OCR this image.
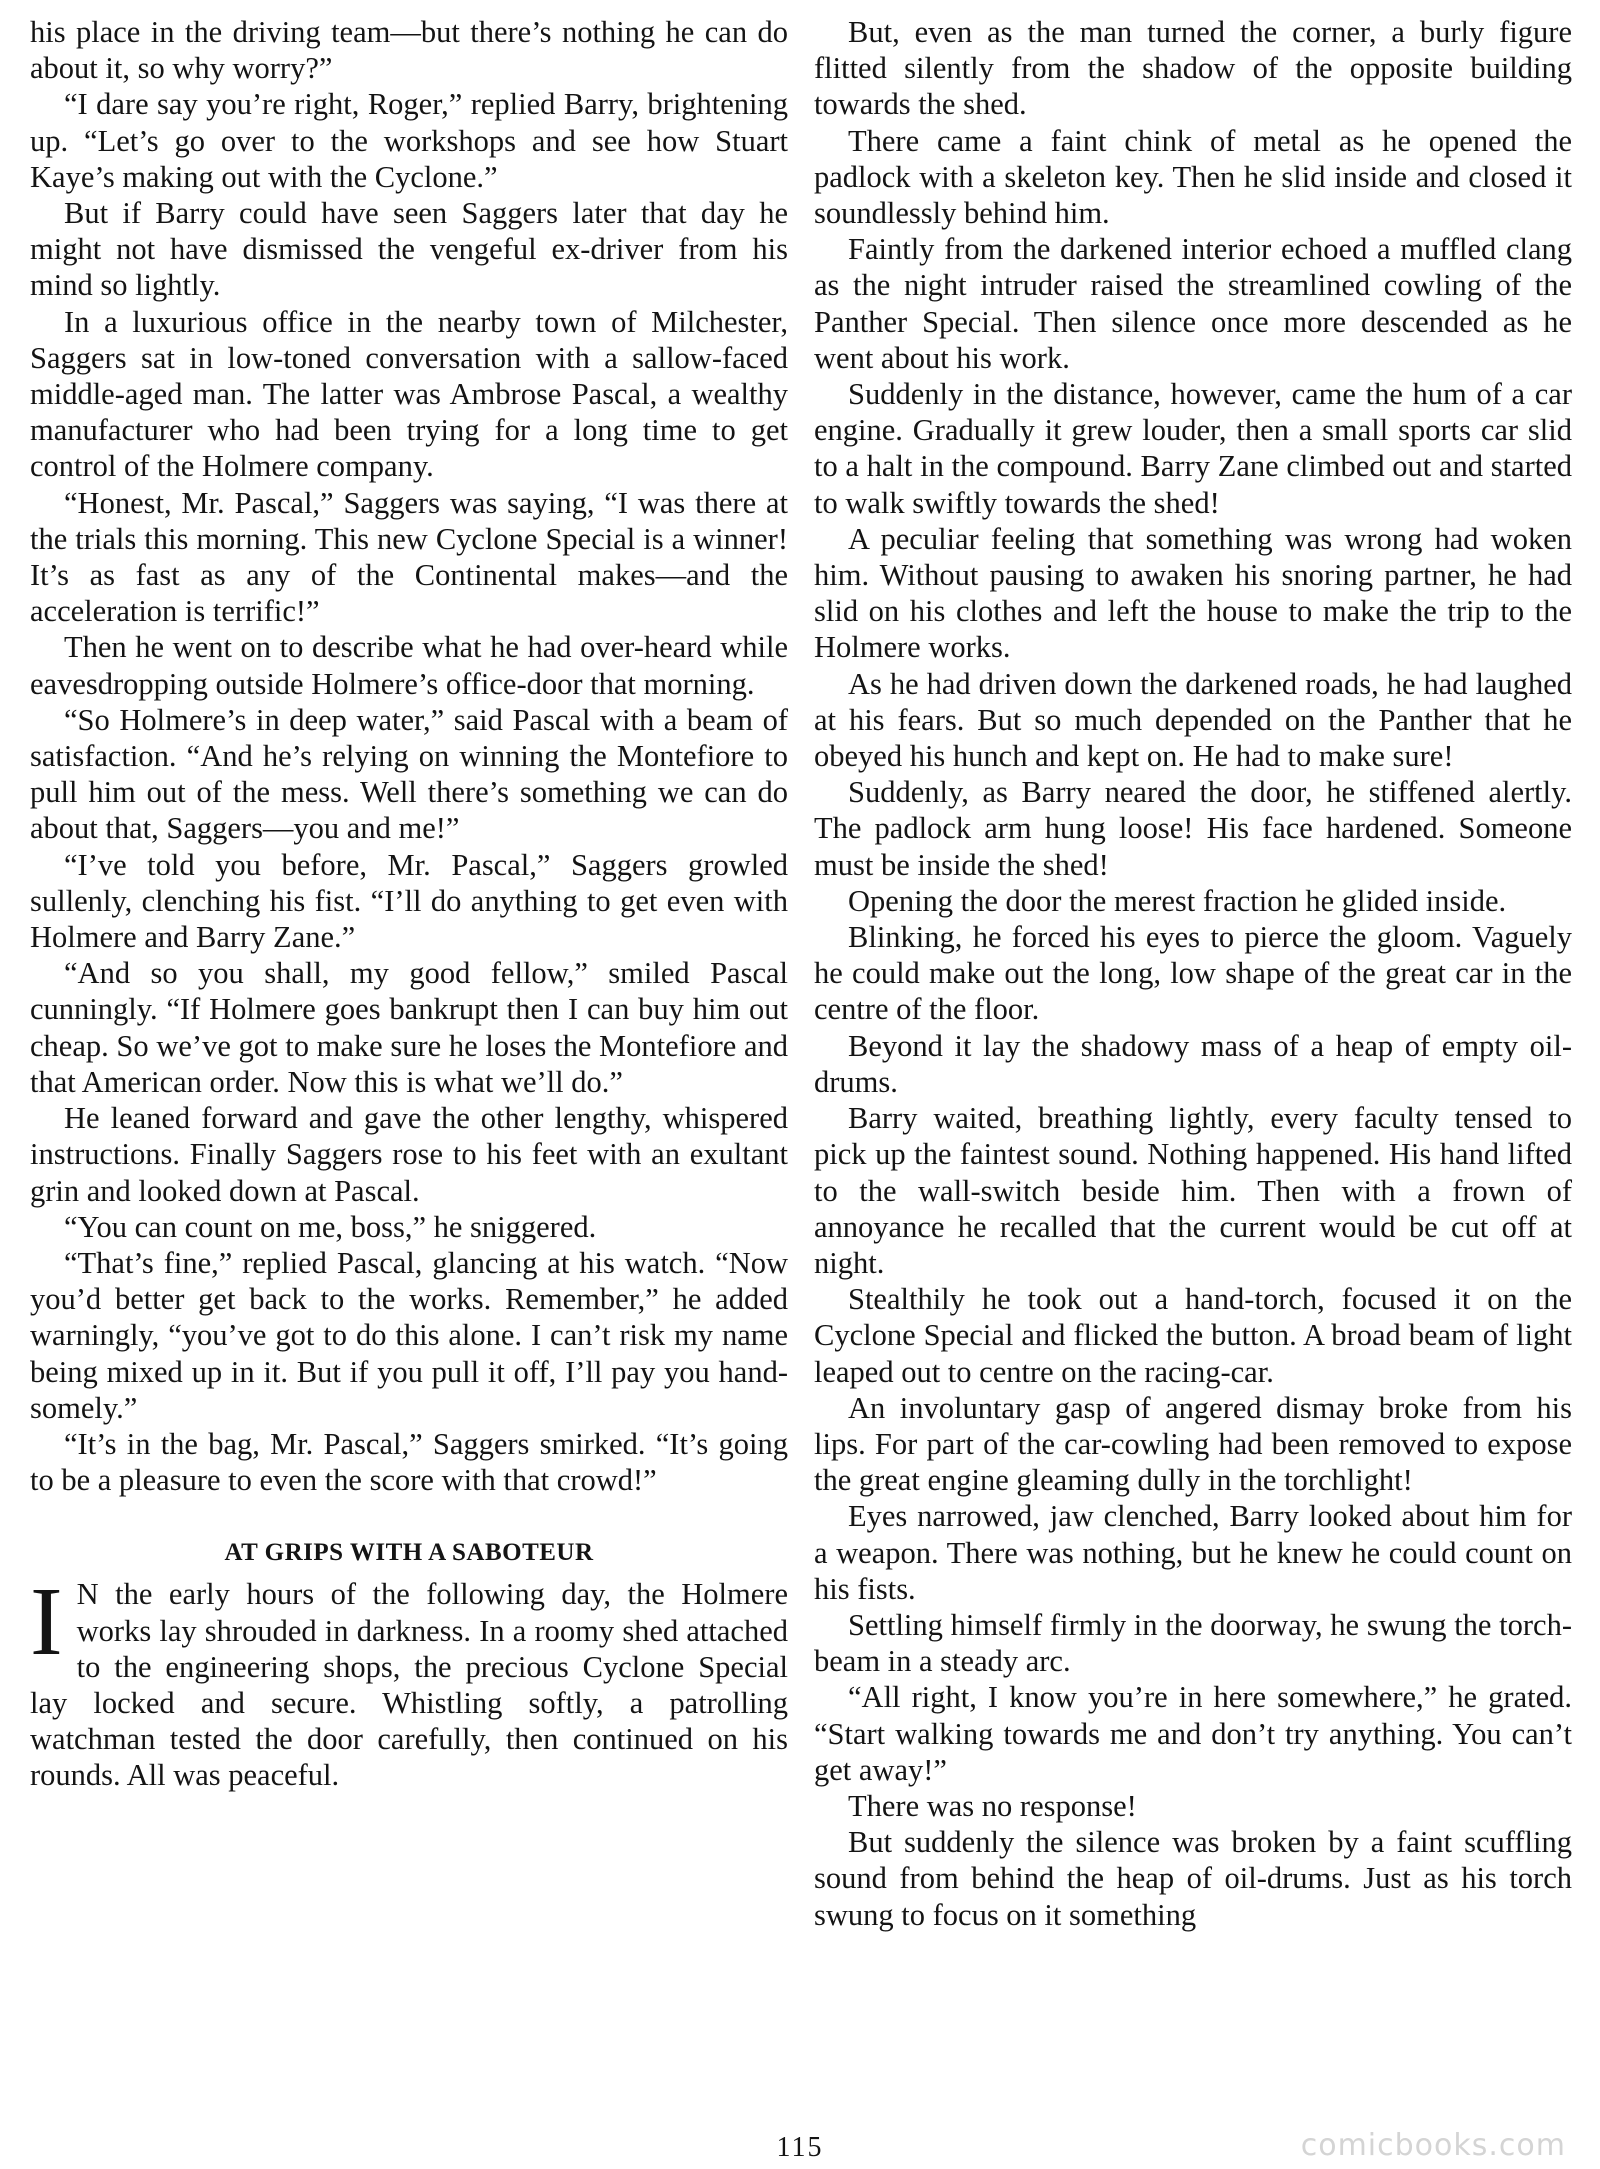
his place in the driving team—but there’s nothing he can do about it, so why worry?”

“I dare say you’re right, Roger,” replied Barry, brightening up. “Let’s go over to the workshops and see how Stuart Kaye’s making out with the Cyclone.”

But if Barry could have seen Saggers later that day he might not have dismissed the vengeful ex-driver from his mind so lightly.

In a luxurious office in the nearby town of Milchester, Saggers sat in low-toned conversation with a sallow-faced middle-aged man. The latter was Ambrose Pascal, a wealthy manufacturer who had been trying for a long time to get control of the Holmere company.

“Honest, Mr. Pascal,” Saggers was saying, “I was there at the trials this morning. This new Cyclone Special is a winner! It’s as fast as any of the Continental makes—and the acceleration is terrific!”

Then he went on to describe what he had over-heard while eavesdropping outside Holmere’s office-door that morning.

“So Holmere’s in deep water,” said Pascal with a beam of satisfaction. “And he’s relying on winning the Montefiore to pull him out of the mess. Well there’s something we can do about that, Saggers—you and me!”

“I’ve told you before, Mr. Pascal,” Saggers growled sullenly, clenching his fist. “I’ll do anything to get even with Holmere and Barry Zane.”

“And so you shall, my good fellow,” smiled Pascal cunningly. “If Holmere goes bankrupt then I can buy him out cheap. So we’ve got to make sure he loses the Montefiore and that American order. Now this is what we’ll do.”

He leaned forward and gave the other lengthy, whispered instructions. Finally Saggers rose to his feet with an exultant grin and looked down at Pascal.

“You can count on me, boss,” he sniggered.

“That’s fine,” replied Pascal, glancing at his watch. “Now you’d better get back to the works. Remember,” he added warningly, “you’ve got to do this alone. I can’t risk my name being mixed up in it. But if you pull it off, I’ll pay you hand-somely.”

“It’s in the bag, Mr. Pascal,” Saggers smirked. “It’s going to be a pleasure to even the score with that crowd!”

AT GRIPS WITH A SABOTEUR

I N the early hours of the following day, the Holmere works lay shrouded in darkness. In a roomy shed attached to the engineering shops, the precious Cyclone Special lay locked and secure. Whistling softly, a patrolling watchman tested the door carefully, then continued on his rounds. All was peaceful.

But, even as the man turned the corner, a burly figure flitted silently from the shadow of the opposite building towards the shed.

There came a faint chink of metal as he opened the padlock with a skeleton key. Then he slid inside and closed it soundlessly behind him.

Faintly from the darkened interior echoed a muffled clang as the night intruder raised the streamlined cowling of the Panther Special. Then silence once more descended as he went about his work.

Suddenly in the distance, however, came the hum of a car engine. Gradually it grew louder, then a small sports car slid to a halt in the compound. Barry Zane climbed out and started to walk swiftly towards the shed!

A peculiar feeling that something was wrong had woken him. Without pausing to awaken his snoring partner, he had slid on his clothes and left the house to make the trip to the Holmere works.

As he had driven down the darkened roads, he had laughed at his fears. But so much depended on the Panther that he obeyed his hunch and kept on. He had to make sure!

Suddenly, as Barry neared the door, he stiffened alertly. The padlock arm hung loose! His face hardened. Someone must be inside the shed!

Opening the door the merest fraction he glided inside.

Blinking, he forced his eyes to pierce the gloom. Vaguely he could make out the long, low shape of the great car in the centre of the floor.

Beyond it lay the shadowy mass of a heap of empty oil-drums.

Barry waited, breathing lightly, every faculty tensed to pick up the faintest sound. Nothing happened. His hand lifted to the wall-switch beside him. Then with a frown of annoyance he recalled that the current would be cut off at night.

Stealthily he took out a hand-torch, focused it on the Cyclone Special and flicked the button. A broad beam of light leaped out to centre on the racing-car.

An involuntary gasp of angered dismay broke from his lips. For part of the car-cowling had been removed to expose the great engine gleaming dully in the torchlight!

Eyes narrowed, jaw clenched, Barry looked about him for a weapon. There was nothing, but he knew he could count on his fists.

Settling himself firmly in the doorway, he swung the torch-beam in a steady arc.

“All right, I know you’re in here somewhere,” he grated. “Start walking towards me and don’t try anything. You can’t get away!”

There was no response!

But suddenly the silence was broken by a faint scuffling sound from behind the heap of oil-drums. Just as his torch swung to focus on it something

115	comicbooks.com
